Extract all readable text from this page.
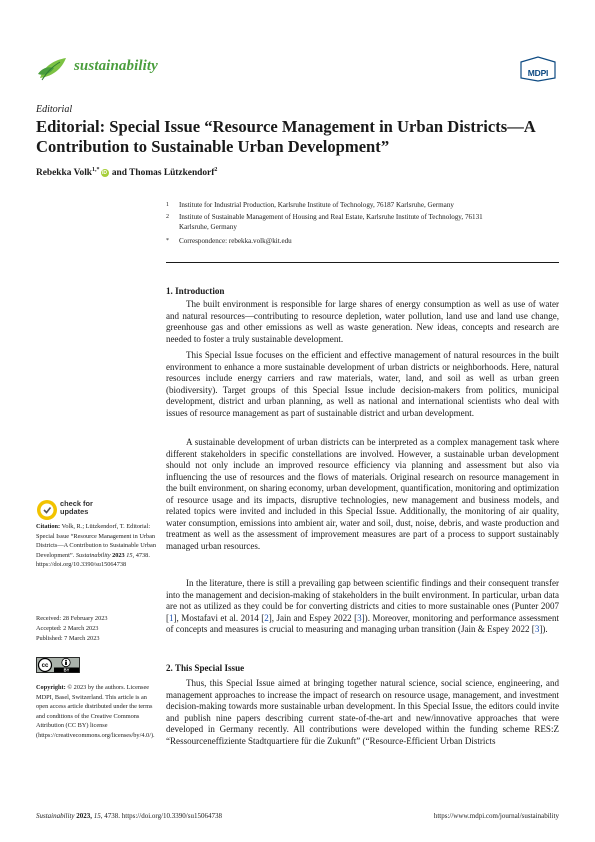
sustainability	MDPI
Editorial
Editorial: Special Issue “Resource Management in Urban Districts—A Contribution to Sustainable Urban Development”
Rebekka Volk$^{1,*}$ iD and Thomas Lützkendorf$^2$
1 Institute for Industrial Production, Karlsruhe Institute of Technology, 76187 Karlsruhe, Germany
2 Institute of Sustainable Management of Housing and Real Estate, Karlsruhe Institute of Technology, 76131 Karlsruhe, Germany
* Correspondence: rebekka.volk@kit.edu
1. Introduction

The built environment is responsible for large shares of energy consumption as well as use of water and natural resources—contributing to resource depletion, water pollution, land use and land use change, greenhouse gas and other emissions as well as waste generation. New ideas, concepts and research are needed to foster a truly sustainable development.

This Special Issue focuses on the efficient and effective management of natural resources in the built environment to enhance a more sustainable development of urban districts or neighborhoods. Here, natural resources include energy carriers and raw materials, water, land, and soil as well as urban green (biodiversity). Target groups of this Special Issue include decision-makers from politics, municipal development, district and urban planning, as well as national and international scientists who deal with issues of resource management as part of sustainable district and urban development.

A sustainable development of urban districts can be interpreted as a complex management task where different stakeholders in specific constellations are involved. However, a sustainable urban development should not only include an improved resource efficiency via planning and assessment but also via influencing the use of resources and the flows of materials. Original research on resource management in the built environment, on sharing economy, urban development, quantification, monitoring and optimization of resource usage and its impacts, disruptive technologies, new management and business models, and related topics were invited and included in this Special Issue. Additionally, the monitoring of air quality, water consumption, emissions into ambient air, water and soil, dust, noise, debris, and waste production and treatment as well as the assessment of improvement measures are part of a process to support sustainably managed urban resources.

In the literature, there is still a prevailing gap between scientific findings and their consequent transfer into the management and decision-making of stakeholders in the built environment. In particular, urban data are not as utilized as they could be for converting districts and cities to more sustainable ones (Punter 2007 [1], Mostafavi et al. 2014 [2], Jain and Espey 2022 [3]). Moreover, monitoring and performance assessment of concepts and measures is crucial to measuring and managing urban transition (Jain & Espey 2022 [3]).

2. This Special Issue

Thus, this Special Issue aimed at bringing together natural science, social science, engineering, and management approaches to increase the impact of research on resource usage, management, and investment decision-making towards more sustainable urban development. In this Special Issue, the editors could invite and publish nine papers describing current state-of-the-art and new/innovative approaches that were developed in Germany recently. All contributions were developed within the funding scheme RES:Z “Ressourceneffiziente Stadtquartiere für die Zukunft” (“Resource-Efficient Urban Districts

check for
updates

Citation: Volk, R.; Lützkendorf, T. Editorial: Special Issue “Resource Management in Urban Districts—A Contribution to Sustainable Urban Development”. Sustainability 2023 15, 4738. https://doi.org/10.3390/su15064738

Received: 28 February 2023
Accepted: 2 March 2023
Published: 7 March 2023
cc
BY

Copyright: © 2023 by the authors. Licensee MDPI, Basel, Switzerland. This article is an open access article distributed under the terms and conditions of the Creative Commons Attribution (CC BY) license (https://creativecommons.org/licenses/by/4.0/).

Sustainability 2023, 15, 4738. https://doi.org/10.3390/su15064738	https://www.mdpi.com/journal/sustainability
